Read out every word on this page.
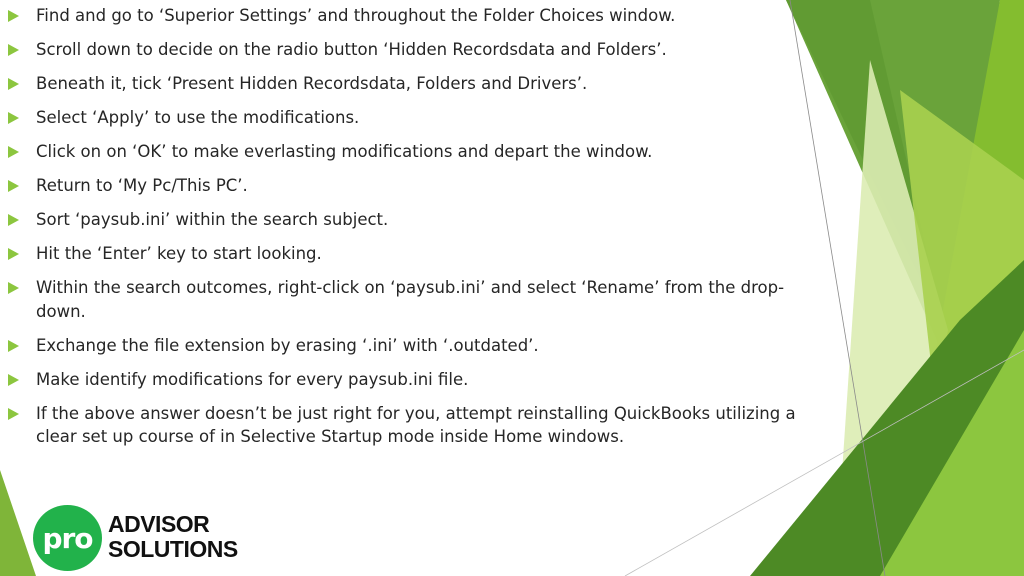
Find and go to ‘Superior Settings’ and throughout the Folder Choices window.
Scroll down to decide on the radio button ‘Hidden Recordsdata and Folders’.
Beneath it, tick ‘Present Hidden Recordsdata, Folders and Drivers’.
Select ‘Apply’ to use the modifications.
Click on on ‘OK’ to make everlasting modifications and depart the window.
Return to ‘My Pc/This PC’.
Sort ‘paysub.ini’ within the search subject.
Hit the ‘Enter’ key to start looking.
Within the search outcomes, right-click on ‘paysub.ini’ and select ‘Rename’ from the drop-down.
Exchange the file extension by erasing ‘.ini’ with ‘.outdated’.
Make identify modifications for every paysub.ini file.
If the above answer doesn’t be just right for you, attempt reinstalling QuickBooks utilizing a clear set up course of in Selective Startup mode inside Home windows.
pro ADVISOR
SOLUTIONS
